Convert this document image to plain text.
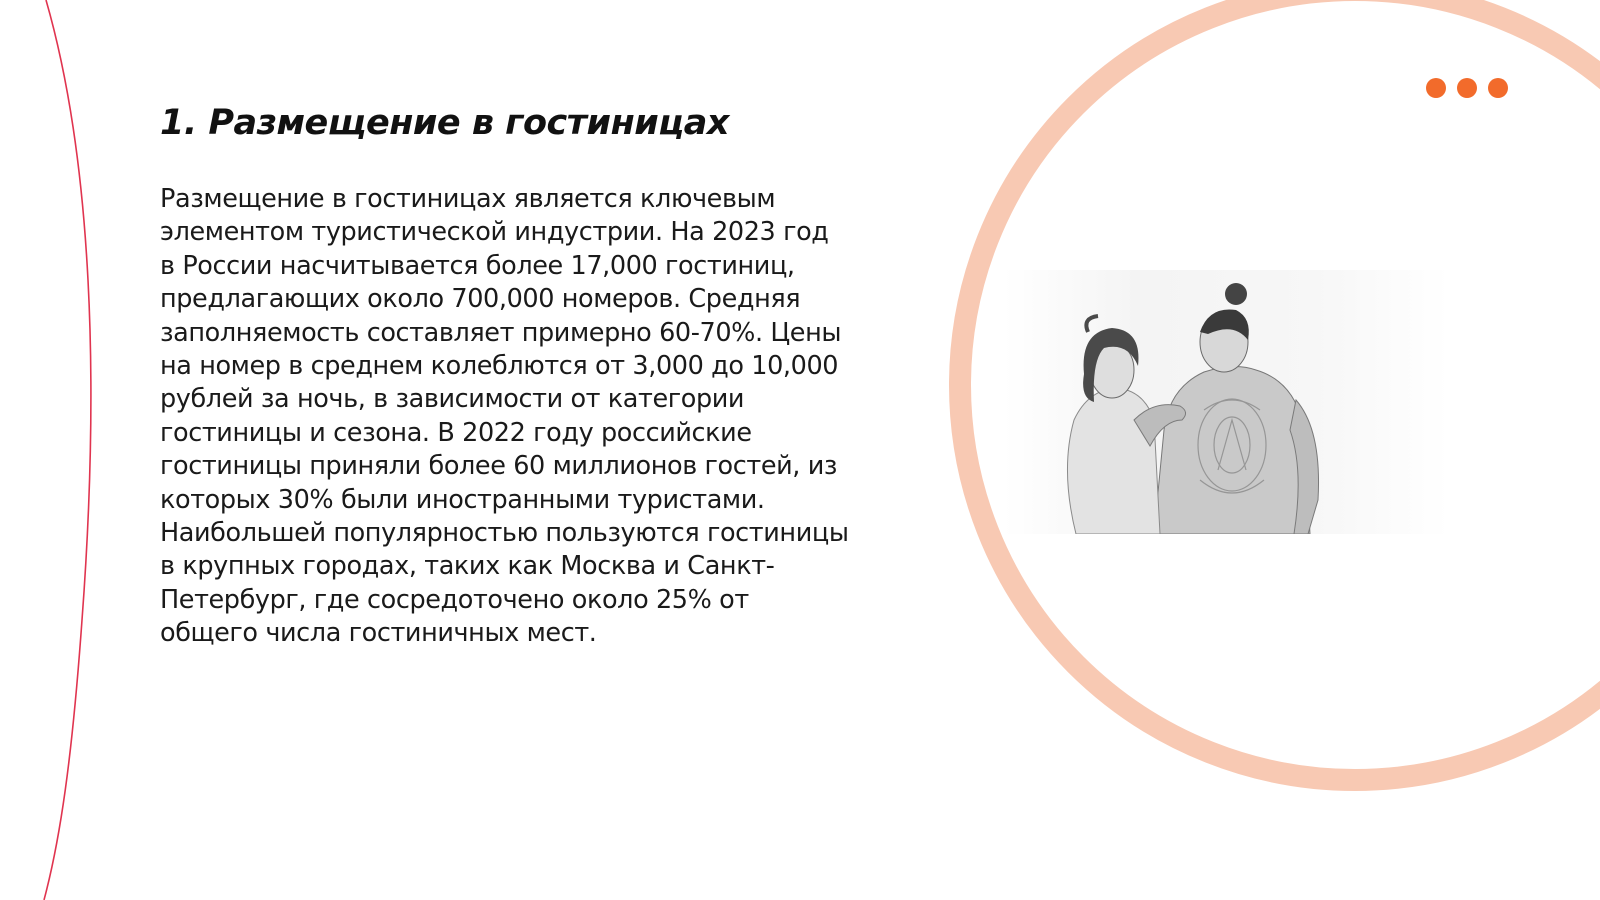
1. Размещение в гостиницах

Размещение в гостиницах является ключевым элементом туристической индустрии. На 2023 год в России насчитывается более 17,000 гостиниц, предлагающих около 700,000 номеров. Средняя заполняемость составляет примерно 60-70%. Цены на номер в среднем колеблются от 3,000 до 10,000 рублей за ночь, в зависимости от категории гостиницы и сезона. В 2022 году российские гостиницы приняли более 60 миллионов гостей, из которых 30% были иностранными туристами. Наибольшей популярностью пользуются гостиницы в крупных городах, таких как Москва и Санкт-Петербург, где сосредоточено около 25% от общего числа гостиничных мест.
